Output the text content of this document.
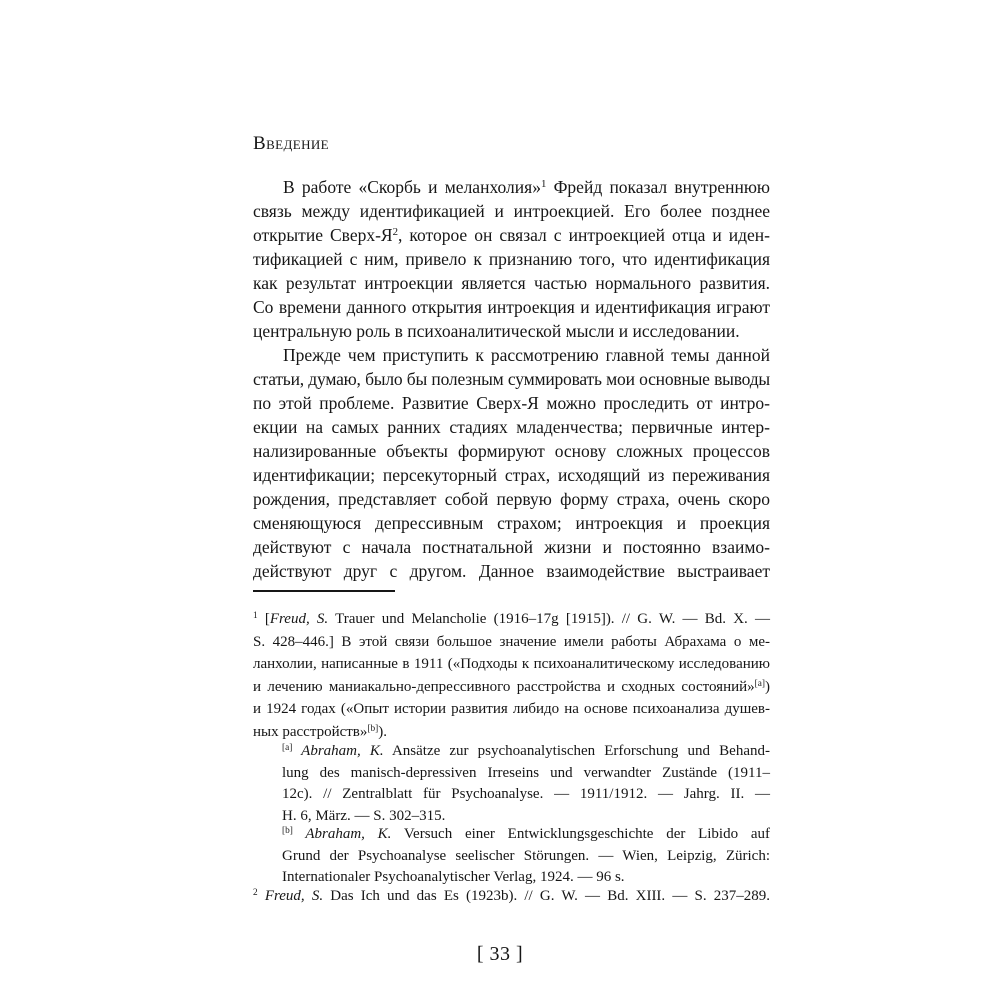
Введение
В работе «Скорбь и меланхолия»$^1$ Фрейд показал внутреннюю
связь между идентификацией и интроекцией. Его более позднее
открытие Сверх-$Я^2$, которое он связал с интроекцией отца и иден-
тификацией с ним, привело к признанию того, что идентификация
как результат интроекции является частью нормального развития.
Со времени данного открытия интроекция и идентификация играют
центральную роль в психоаналитической мысли и исследовании.
Прежде чем приступить к рассмотрению главной темы данной
статьи, думаю, было бы полезным суммировать мои основные выводы
по этой проблеме. Развитие Сверх-Я можно проследить от интро-
екции на самых ранних стадиях младенчества; первичные интер-
нализированные объекты формируют основу сложных процессов
идентификации; персекуторный страх, исходящий из переживания
рождения, представляет собой первую форму страха, очень скоро
сменяющуюся депрессивным страхом; интроекция и проекция
действуют с начала постнатальной жизни и постоянно взаимо-
действуют друг с другом. Данное взаимодействие выстраивает
$^1$ [Freud, S. Trauer und Melancholie (1916–17g [1915]). // G. W. — Bd. X. —
S. 428–446.] В этой связи большое значение имели работы Абрахама о ме-
ланхолии, написанные в 1911 («Подходы к психоаналитическому исследованию
и лечению маниакально-депрессивного расстройства и сходных состояний»[a])
и 1924 годах («Опыт истории развития либидо на основе психоанализа душев-
ных расстройств»[b]).
[a] Abraham, K. Ansätze zur psychoanalytischen Erforschung und Behand-
lung des manisch-depressiven Irreseins und verwandter Zustände (1911–
12c). // Zentralblatt für Psychoanalyse. — 1911/1912. — Jahrg. II. —
H. 6, März. — S. 302–315.
[b] Abraham, K. Versuch einer Entwicklungsgeschichte der Libido auf
Grund der Psychoanalyse seelischer Störungen. — Wien, Leipzig, Zürich:
Internationaler Psychoanalytischer Verlag, 1924. — 96 s.
$^2$ Freud, S. Das Ich und das Es (1923b). // G. W. — Bd. XIII. — S. 237–289.
[ 33 ]
